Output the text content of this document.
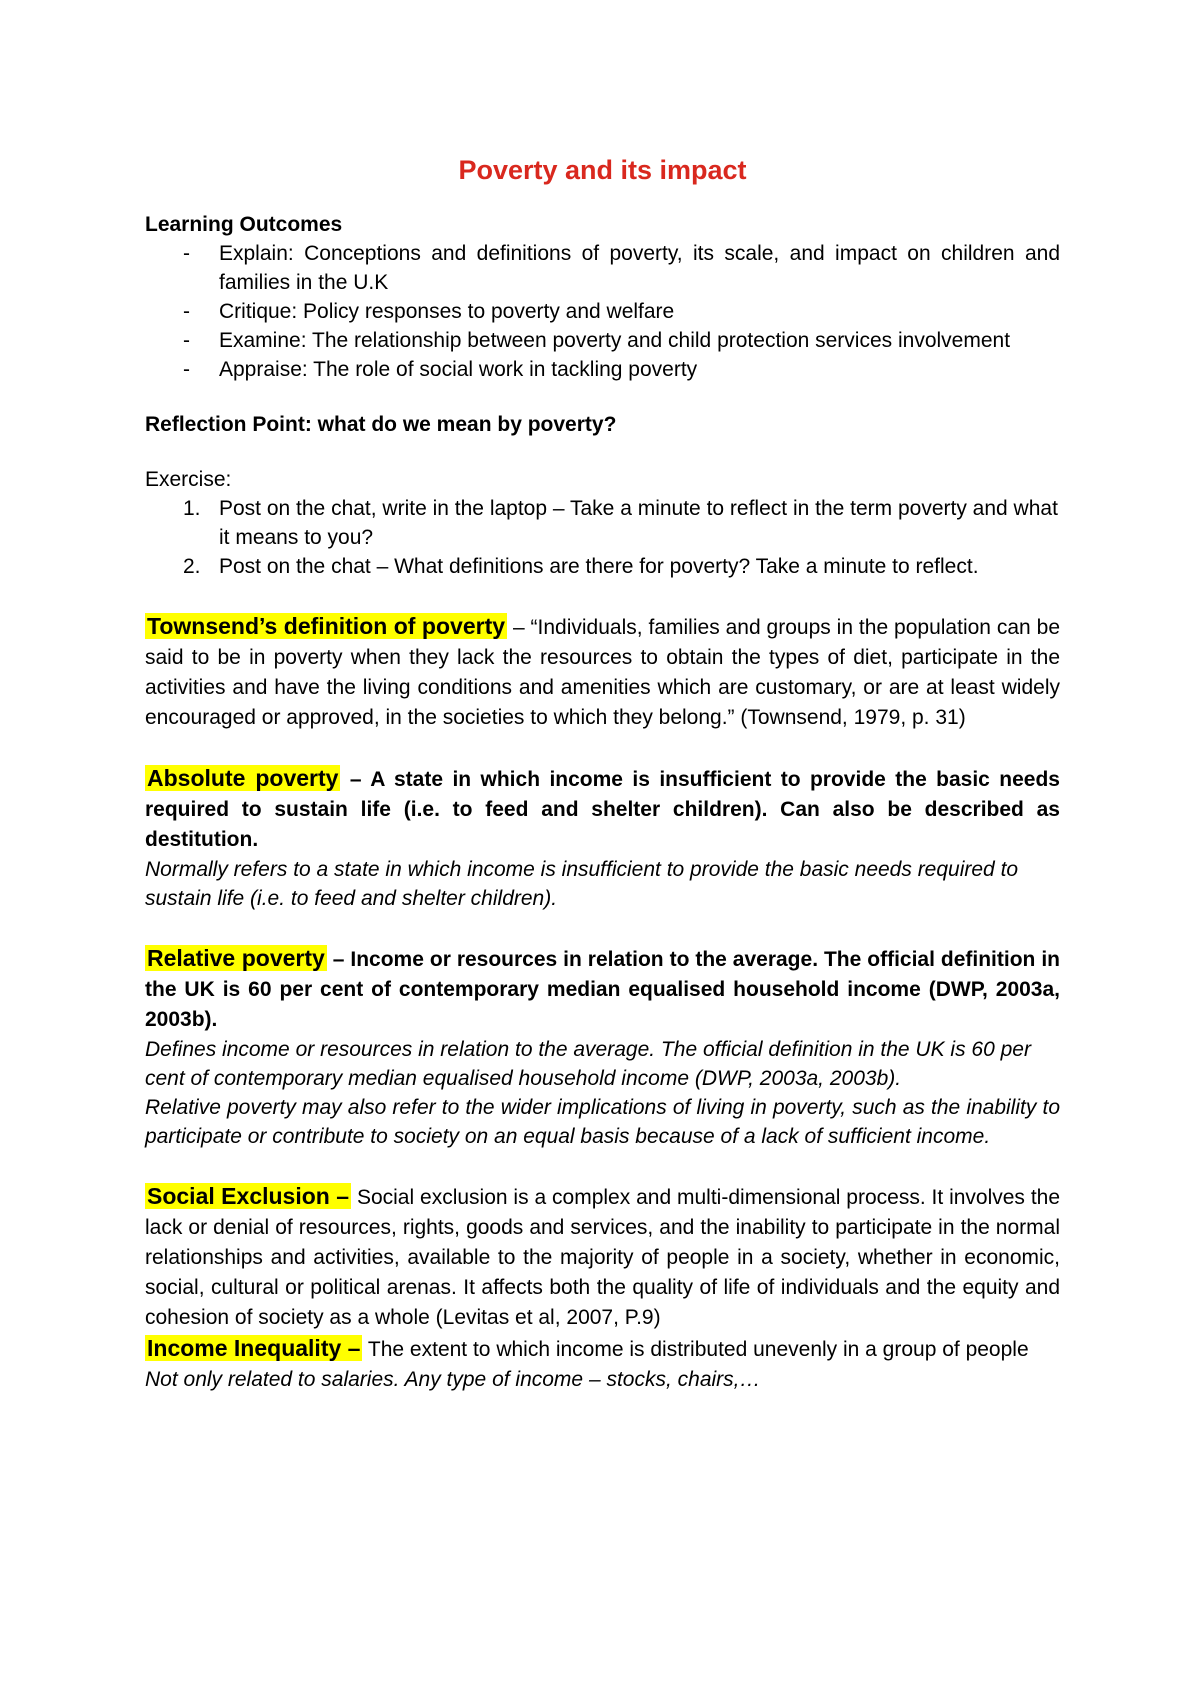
Poverty and its impact
Learning Outcomes
- Explain: Conceptions and definitions of poverty, its scale, and impact on children and families in the U.K
- Critique: Policy responses to poverty and welfare
- Examine: The relationship between poverty and child protection services involvement
- Appraise: The role of social work in tackling poverty
Reflection Point: what do we mean by poverty?
Exercise:
1. Post on the chat, write in the laptop – Take a minute to reflect in the term poverty and what it means to you?
2. Post on the chat – What definitions are there for poverty? Take a minute to reflect.
Townsend’s definition of poverty – “Individuals, families and groups in the population can be said to be in poverty when they lack the resources to obtain the types of diet, participate in the activities and have the living conditions and amenities which are customary, or are at least widely encouraged or approved, in the societies to which they belong.” (Townsend, 1979, p. 31)
Absolute poverty – A state in which income is insufficient to provide the basic needs required to sustain life (i.e. to feed and shelter children). Can also be described as destitution.
Normally refers to a state in which income is insufficient to provide the basic needs required to sustain life (i.e. to feed and shelter children).
Relative poverty – Income or resources in relation to the average. The official definition in the UK is 60 per cent of contemporary median equalised household income (DWP, 2003a, 2003b).
Defines income or resources in relation to the average. The official definition in the UK is 60 per cent of contemporary median equalised household income (DWP, 2003a, 2003b).
Relative poverty may also refer to the wider implications of living in poverty, such as the inability to participate or contribute to society on an equal basis because of a lack of sufficient income.
Social Exclusion – Social exclusion is a complex and multi-dimensional process. It involves the lack or denial of resources, rights, goods and services, and the inability to participate in the normal relationships and activities, available to the majority of people in a society, whether in economic, social, cultural or political arenas. It affects both the quality of life of individuals and the equity and cohesion of society as a whole (Levitas et al, 2007, P.9)
Income Inequality – The extent to which income is distributed unevenly in a group of people
Not only related to salaries. Any type of income – stocks, chairs,…
